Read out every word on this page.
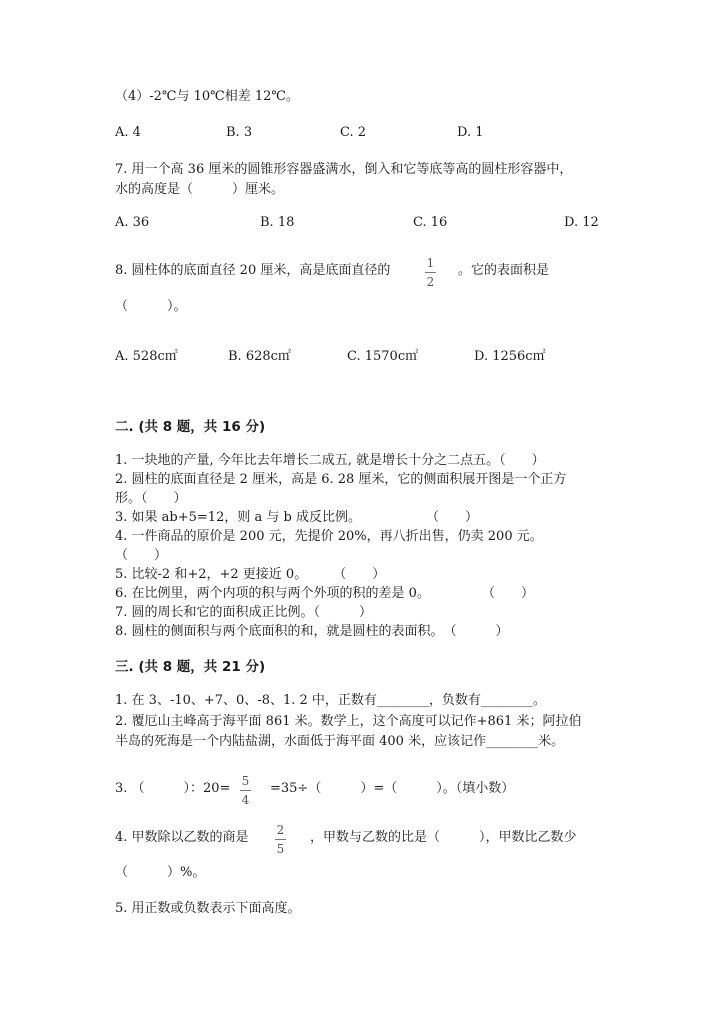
（4）-2℃与 10℃相差 12℃。
A. 4	B. 3	C. 2	D. 1
7. 用一个高 36 厘米的圆锥形容器盛满水，倒入和它等底等高的圆柱形容器中，
水的高度是（　　　）厘米。
A. 36	B. 18	C. 16	D. 12
8. 圆柱体的底面直径 20 厘米，高是底面直径的	1
2
。它的表面积是
（　　　）。
A. 528c㎡	B. 628c㎡	C. 1570c㎡	D. 1256c㎡
二. (共 8 题，共 16 分)
1. 一块地的产量, 今年比去年增长二成五, 就是增长十分之二点五。（　　）
2. 圆柱的底面直径是 2 厘米，高是 6. 28 厘米，它的侧面积展开图是一个正方
形。（　　）
3. 如果 ab+5=12，则 a 与 b 成反比例。　　　　　　（　　）
4. 一件商品的原价是 200 元，先提价 20%，再八折出售，仍卖 200 元。
（　　）
5. 比较-2 和+2，+2 更接近 0。　　　（　　）
6. 在比例里，两个内项的积与两个外项的积的差是 0。　　　　　（　　）
7. 圆的周长和它的面积成正比例。（　　　）
8. 圆柱的侧面积与两个底面积的和，就是圆柱的表面积。　（　　　）
三. (共 8 题，共 21 分)
1. 在 3、-10、+7、0、-8、1. 2 中，正数有________，负数有________。
2. 覆厄山主峰高于海平面 861 米。数学上，这个高度可以记作+861 米；阿拉伯
半岛的死海是一个内陆盐湖，水面低于海平面 400 米，应该记作________米。
3. （　　　）：20= 5
4
=35÷（　　　）=（　　　）。（填小数）
4. 甲数除以乙数的商是 2
5
，甲数与乙数的比是（　　　），甲数比乙数少
（　　　）%。
5. 用正数或负数表示下面高度。
